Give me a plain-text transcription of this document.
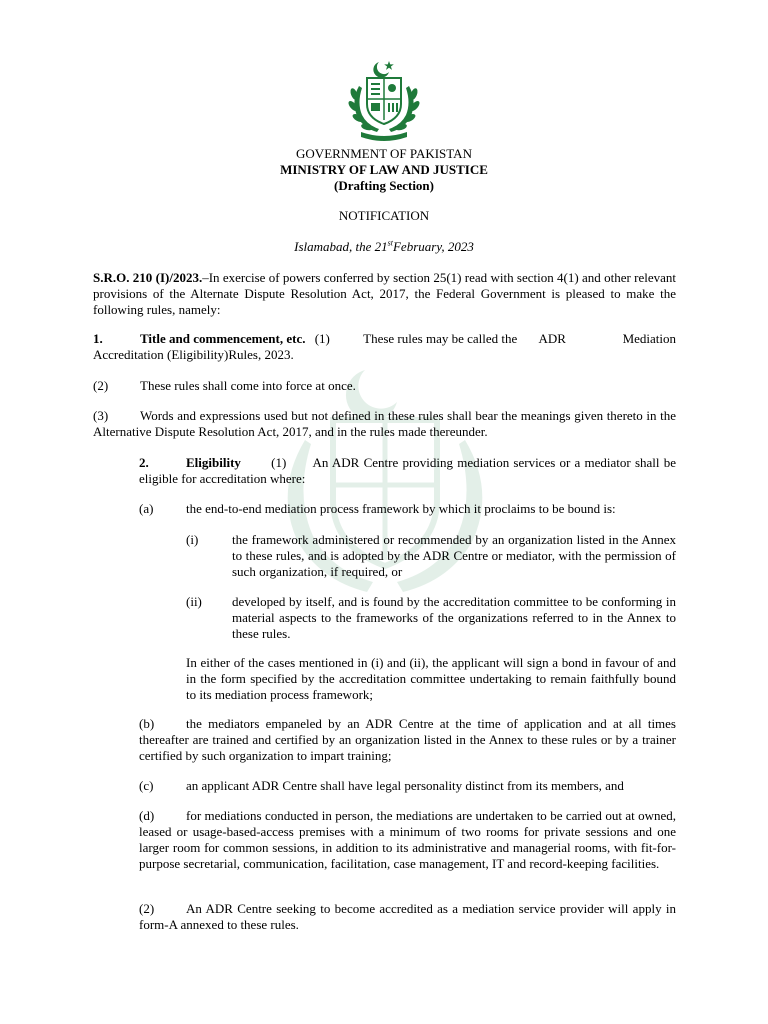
GOVERNMENT OF PAKISTAN
MINISTRY OF LAW AND JUSTICE
(Drafting Section)
NOTIFICATION
Islamabad, the 21stFebruary, 2023

S.R.O. 210 (I)/2023.–In exercise of powers conferred by section 25(1) read with section 4(1) and other relevant provisions of the Alternate Dispute Resolution Act, 2017, the Federal Government is pleased to make the following rules, namely:

1.	Title and commencement, etc. (1)	These rules may be called the ADR	Mediation

Accreditation (Eligibility)Rules, 2023.

(2) These rules shall come into force at once.

(3) Words and expressions used but not defined in these rules shall bear the meanings given thereto in the Alternative Dispute Resolution Act, 2017, and in the rules made thereunder.

2.	Eligibility (1) An ADR Centre providing mediation services or a mediator shall be eligible for accreditation where:

(a)	the end-to-end mediation process framework by which it proclaims to be bound is:

(i)	the framework administered or recommended by an organization listed in the Annex to these rules, and is adopted by the ADR Centre or mediator, with the permission of such organization, if required, or

(ii) developed by itself, and is found by the accreditation committee to be conforming in material aspects to the frameworks of the organizations referred to in the Annex to these rules.

In either of the cases mentioned in (i) and (ii), the applicant will sign a bond in favour of and in the form specified by the accreditation committee undertaking to remain faithfully bound to its mediation process framework;

(b) the mediators empaneled by an ADR Centre at the time of application and at all times thereafter are trained and certified by an organization listed in the Annex to these rules or by a trainer certified by such organization to impart training;

(c)	an applicant ADR Centre shall have legal personality distinct from its members, and

(d) for mediations conducted in person, the mediations are undertaken to be carried out at owned, leased or usage-based-access premises with a minimum of two rooms for private sessions and one larger room for common sessions, in addition to its administrative and managerial rooms, with fit-for-purpose secretarial, communication, facilitation, case management, IT and record-keeping facilities.

(2) An ADR Centre seeking to become accredited as a mediation service provider will apply in form-A annexed to these rules.
